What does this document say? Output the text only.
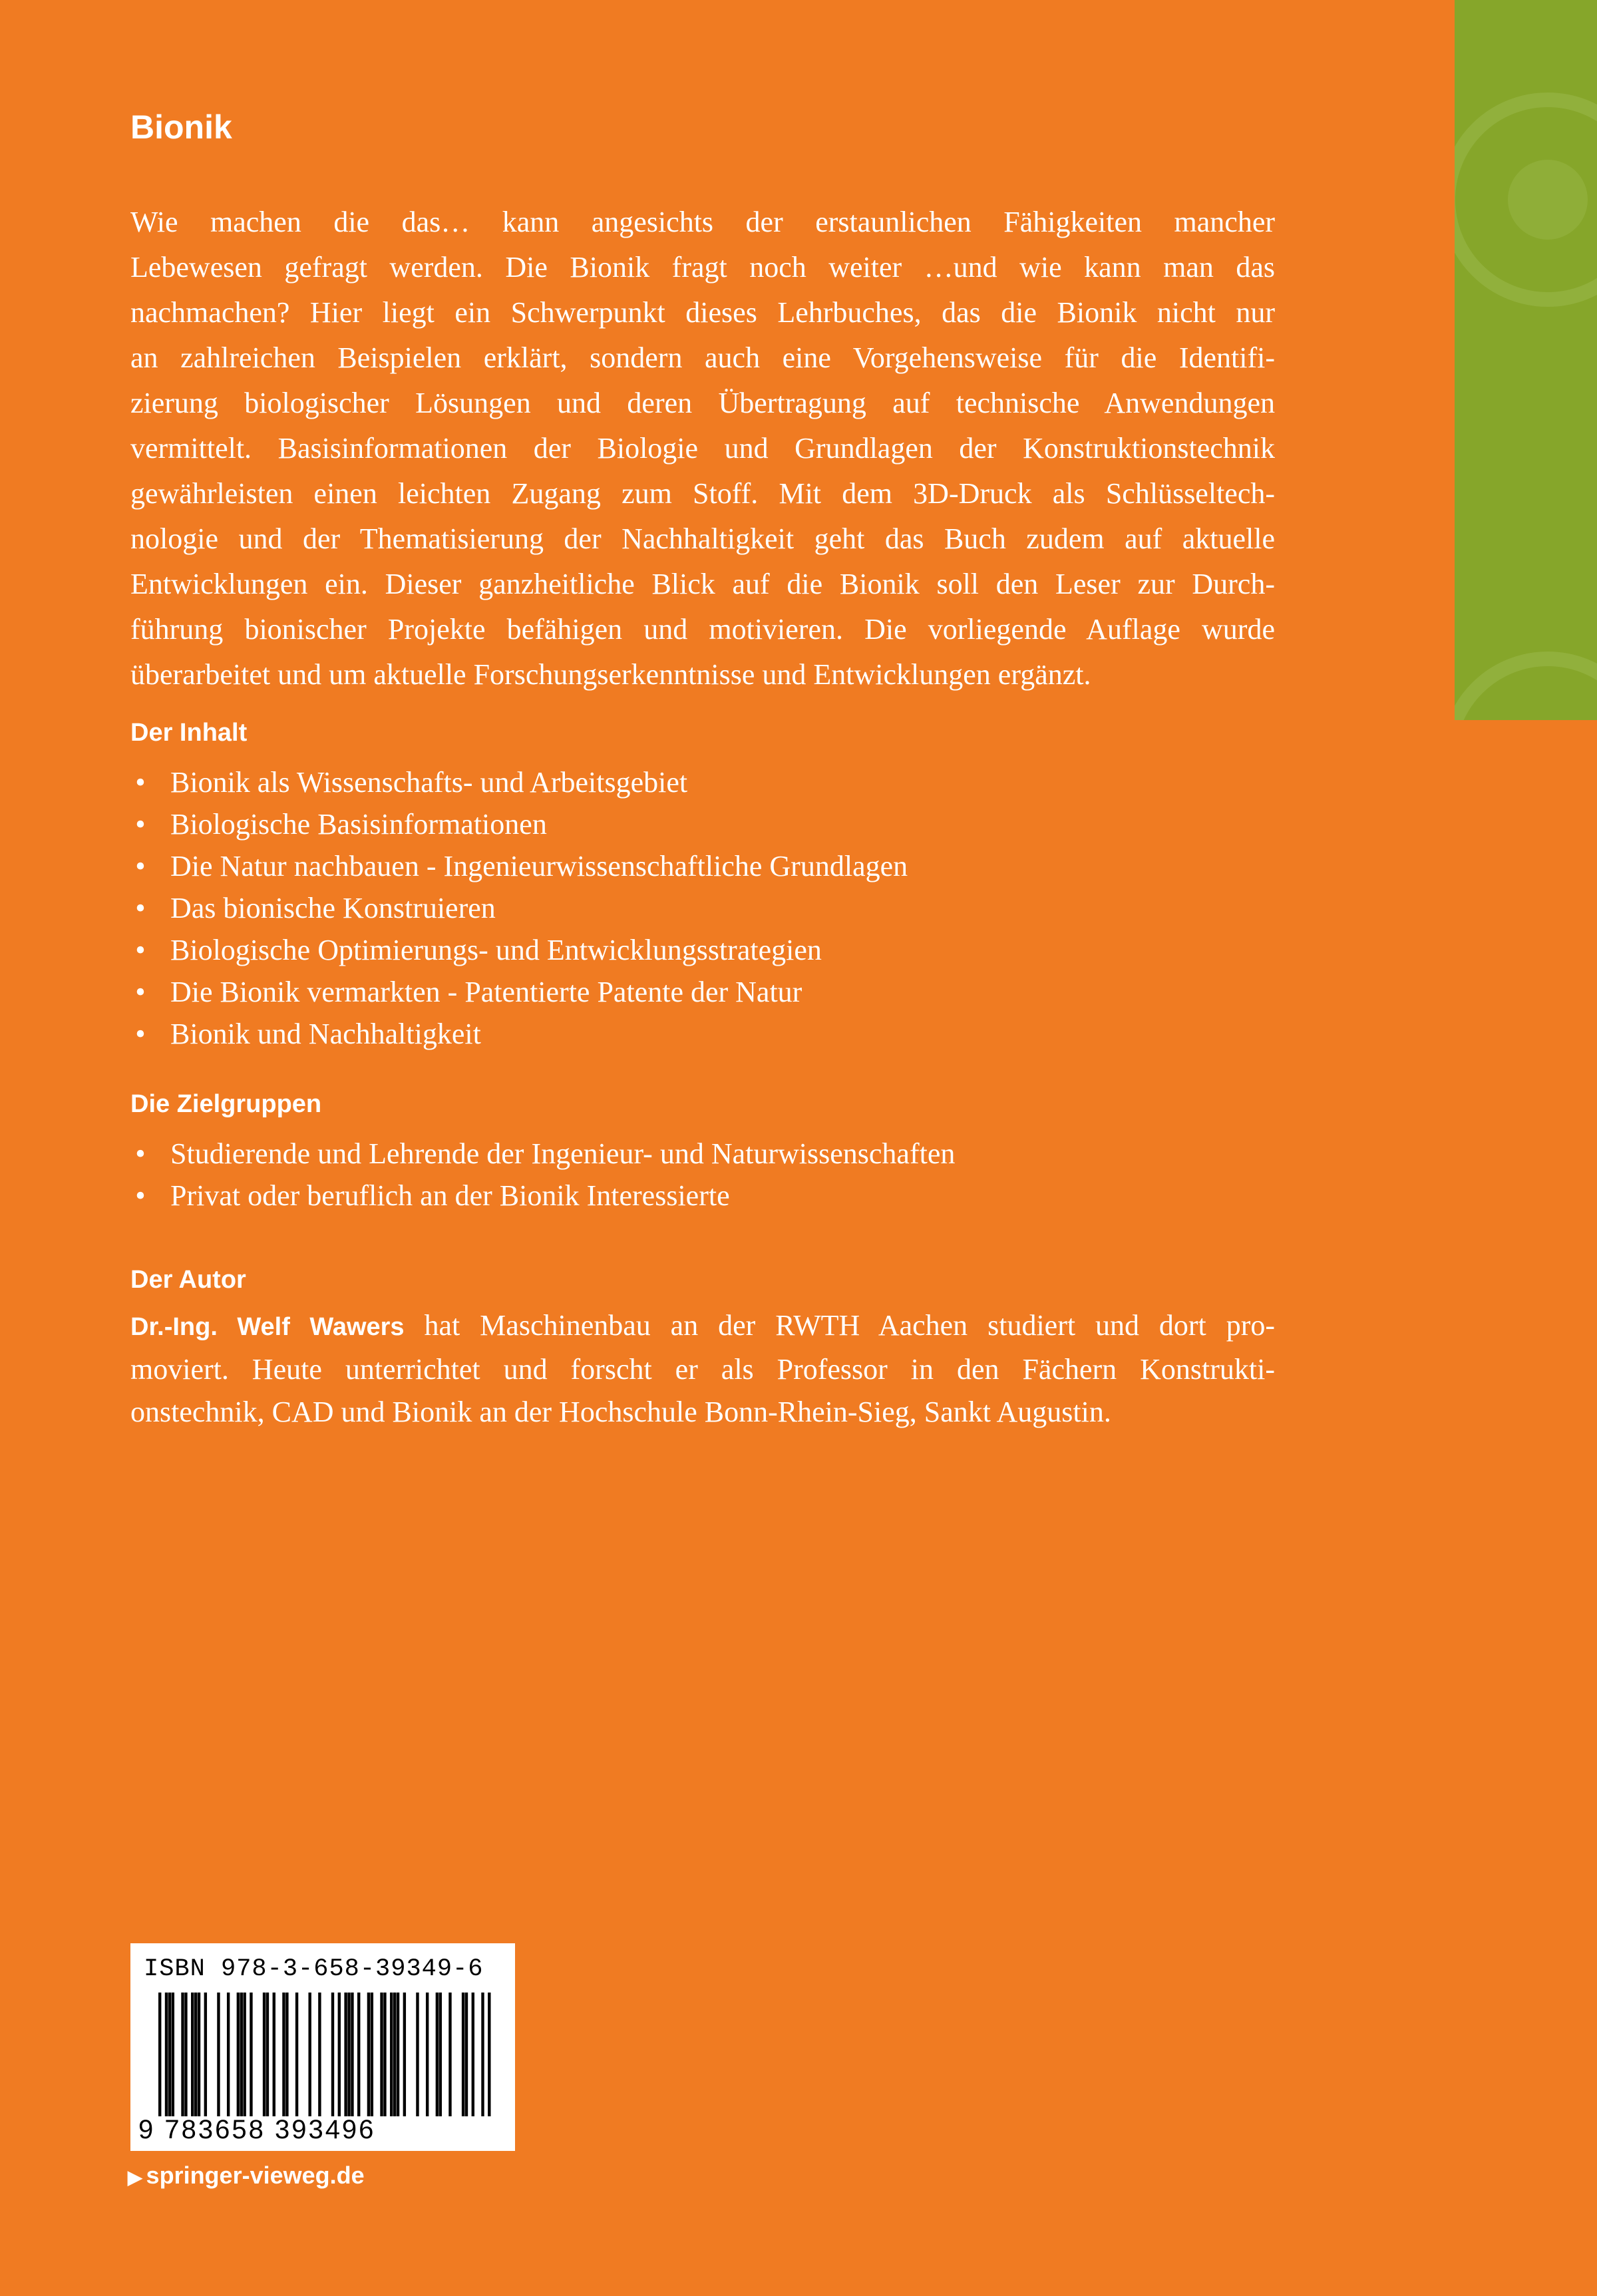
Bionik
Wie machen die das… kann angesichts der erstaunlichen Fähigkeiten mancher
Lebewesen gefragt werden. Die Bionik fragt noch weiter …und wie kann man das
nachmachen? Hier liegt ein Schwerpunkt dieses Lehrbuches, das die Bionik nicht nur
an zahlreichen Beispielen erklärt, sondern auch eine Vorgehensweise für die Identifi-
zierung biologischer Lösungen und deren Übertragung auf technische Anwendungen
vermittelt. Basisinformationen der Biologie und Grundlagen der Konstruktionstechnik
gewährleisten einen leichten Zugang zum Stoff. Mit dem 3D-Druck als Schlüsseltech-
nologie und der Thematisierung der Nachhaltigkeit geht das Buch zudem auf aktuelle
Entwicklungen ein. Dieser ganzheitliche Blick auf die Bionik soll den Leser zur Durch-
führung bionischer Projekte befähigen und motivieren. Die vorliegende Auflage wurde
überarbeitet und um aktuelle Forschungserkenntnisse und Entwicklungen ergänzt.
Der Inhalt
• Bionik als Wissenschafts- und Arbeitsgebiet
• Biologische Basisinformationen
• Die Natur nachbauen - Ingenieurwissenschaftliche Grundlagen
• Das bionische Konstruieren
• Biologische Optimierungs- und Entwicklungsstrategien
• Die Bionik vermarkten - Patentierte Patente der Natur
• Bionik und Nachhaltigkeit
Die Zielgruppen
• Studierende und Lehrende der Ingenieur- und Naturwissenschaften
• Privat oder beruflich an der Bionik Interessierte
Der Autor
Dr.-Ing. Welf Wawers hat Maschinenbau an der RWTH Aachen studiert und dort pro-
moviert. Heute unterrichtet und forscht er als Professor in den Fächern Konstrukti-
onstechnik, CAD und Bionik an der Hochschule Bonn-Rhein-Sieg, Sankt Augustin.
ISBN 978-3-658-39349-6
9 783658 393496
▶ springer-vieweg.de
